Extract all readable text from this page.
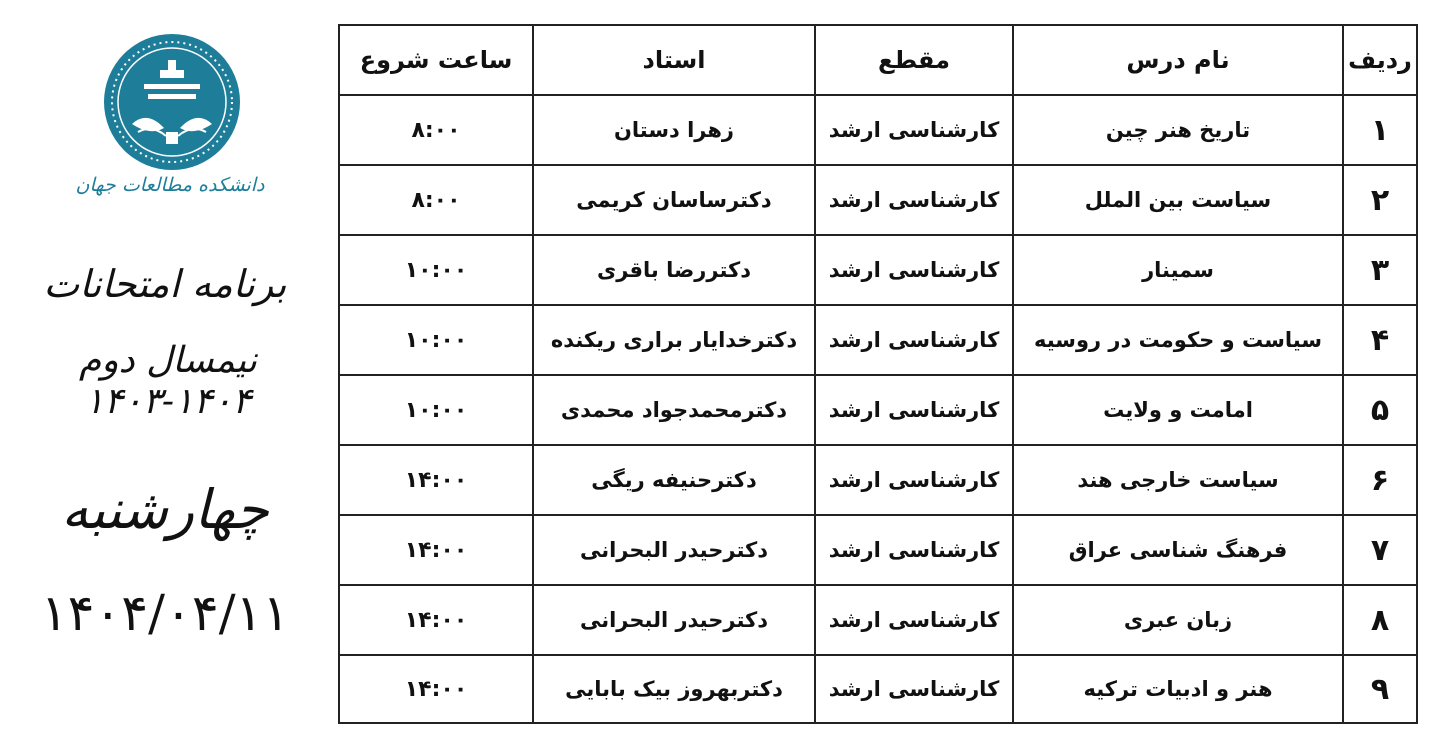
دانشکده مطالعات جهان
برنامه امتحانات
نیمسال دوم ۱۴۰۴-۱۴۰۳
چهارشنبه
۱۴۰۴/۰۴/۱۱
ردیف	نام درس	مقطع	استاد	ساعت شروع
۱	تاریخ هنر چین	کارشناسی ارشد	زهرا دستان	۸:۰۰
۲	سیاست بین الملل	کارشناسی ارشد	دکترساسان کریمی	۸:۰۰
۳	سمینار	کارشناسی ارشد	دکتررضا باقری	۱۰:۰۰
۴	سیاست و حکومت در روسیه	کارشناسی ارشد	دکترخدایار براری ریکنده	۱۰:۰۰
۵	امامت و ولایت	کارشناسی ارشد	دکترمحمدجواد محمدی	۱۰:۰۰
۶	سیاست خارجی هند	کارشناسی ارشد	دکترحنیفه ریگی	۱۴:۰۰
۷	فرهنگ شناسی عراق	کارشناسی ارشد	دکترحیدر البحرانی	۱۴:۰۰
۸	زبان عبری	کارشناسی ارشد	دکترحیدر البحرانی	۱۴:۰۰
۹	هنر و ادبیات ترکیه	کارشناسی ارشد	دکتربهروز بیک بابایی	۱۴:۰۰
